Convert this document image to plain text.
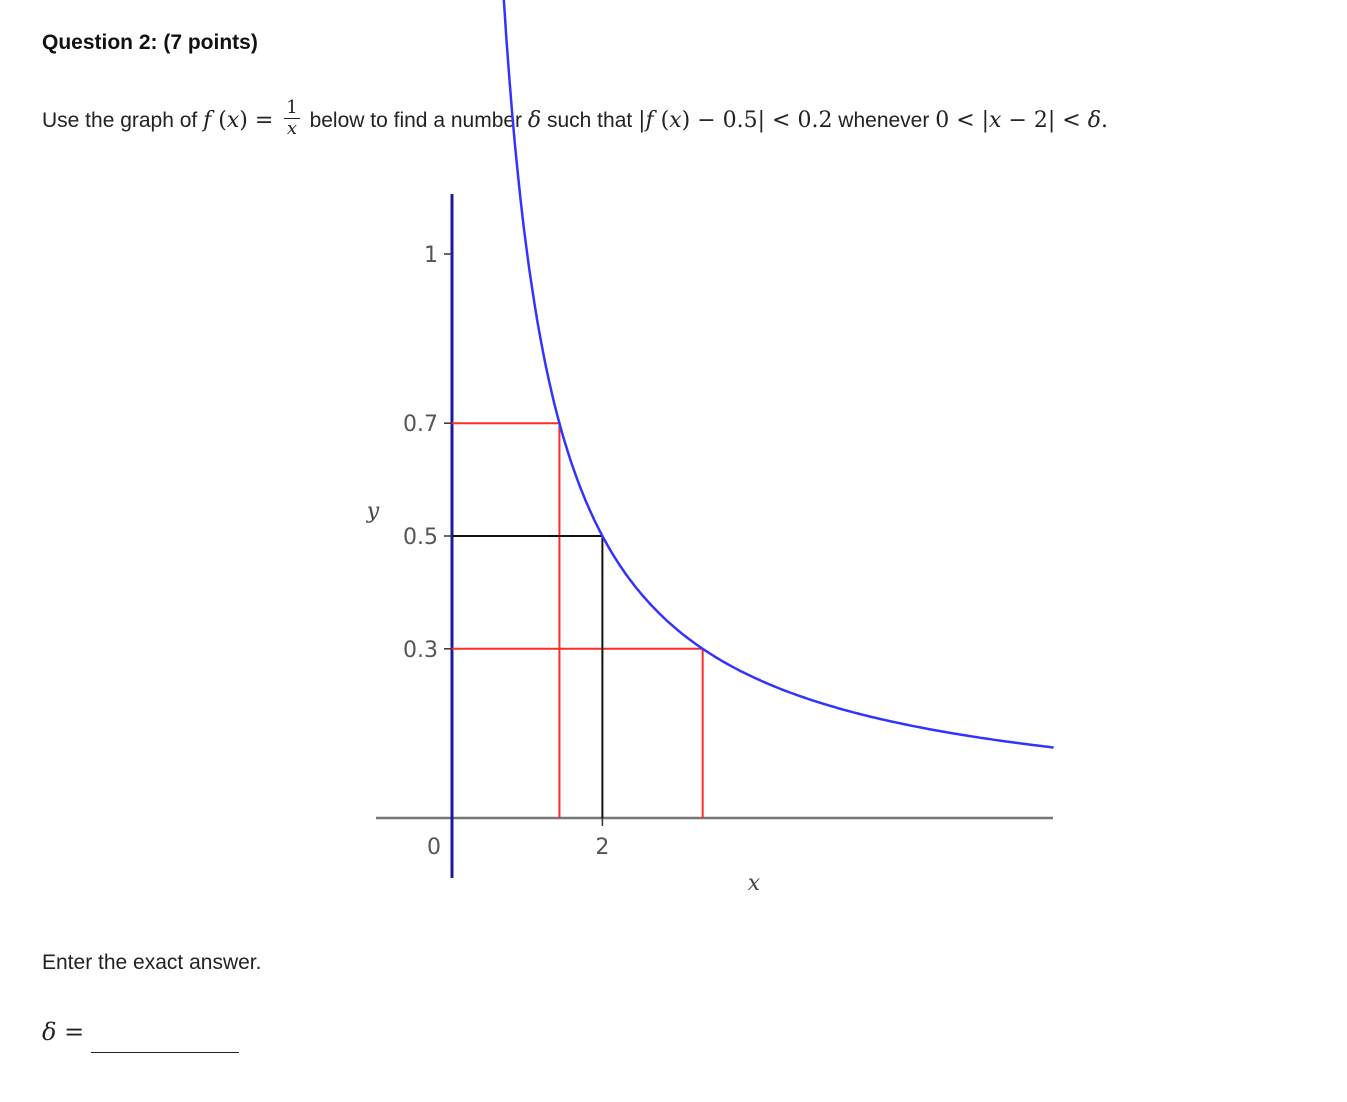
Question 2: (7 points)
Use the graph of f $(x) = \frac{1}{x}$ below to find a number δ such that |f (x) − 0.5| < 0.2 whenever 0 < |x − 2| < δ.
0.3
0.5
0.7
1
0	2
x
y
Enter the exact answer.
δ =
